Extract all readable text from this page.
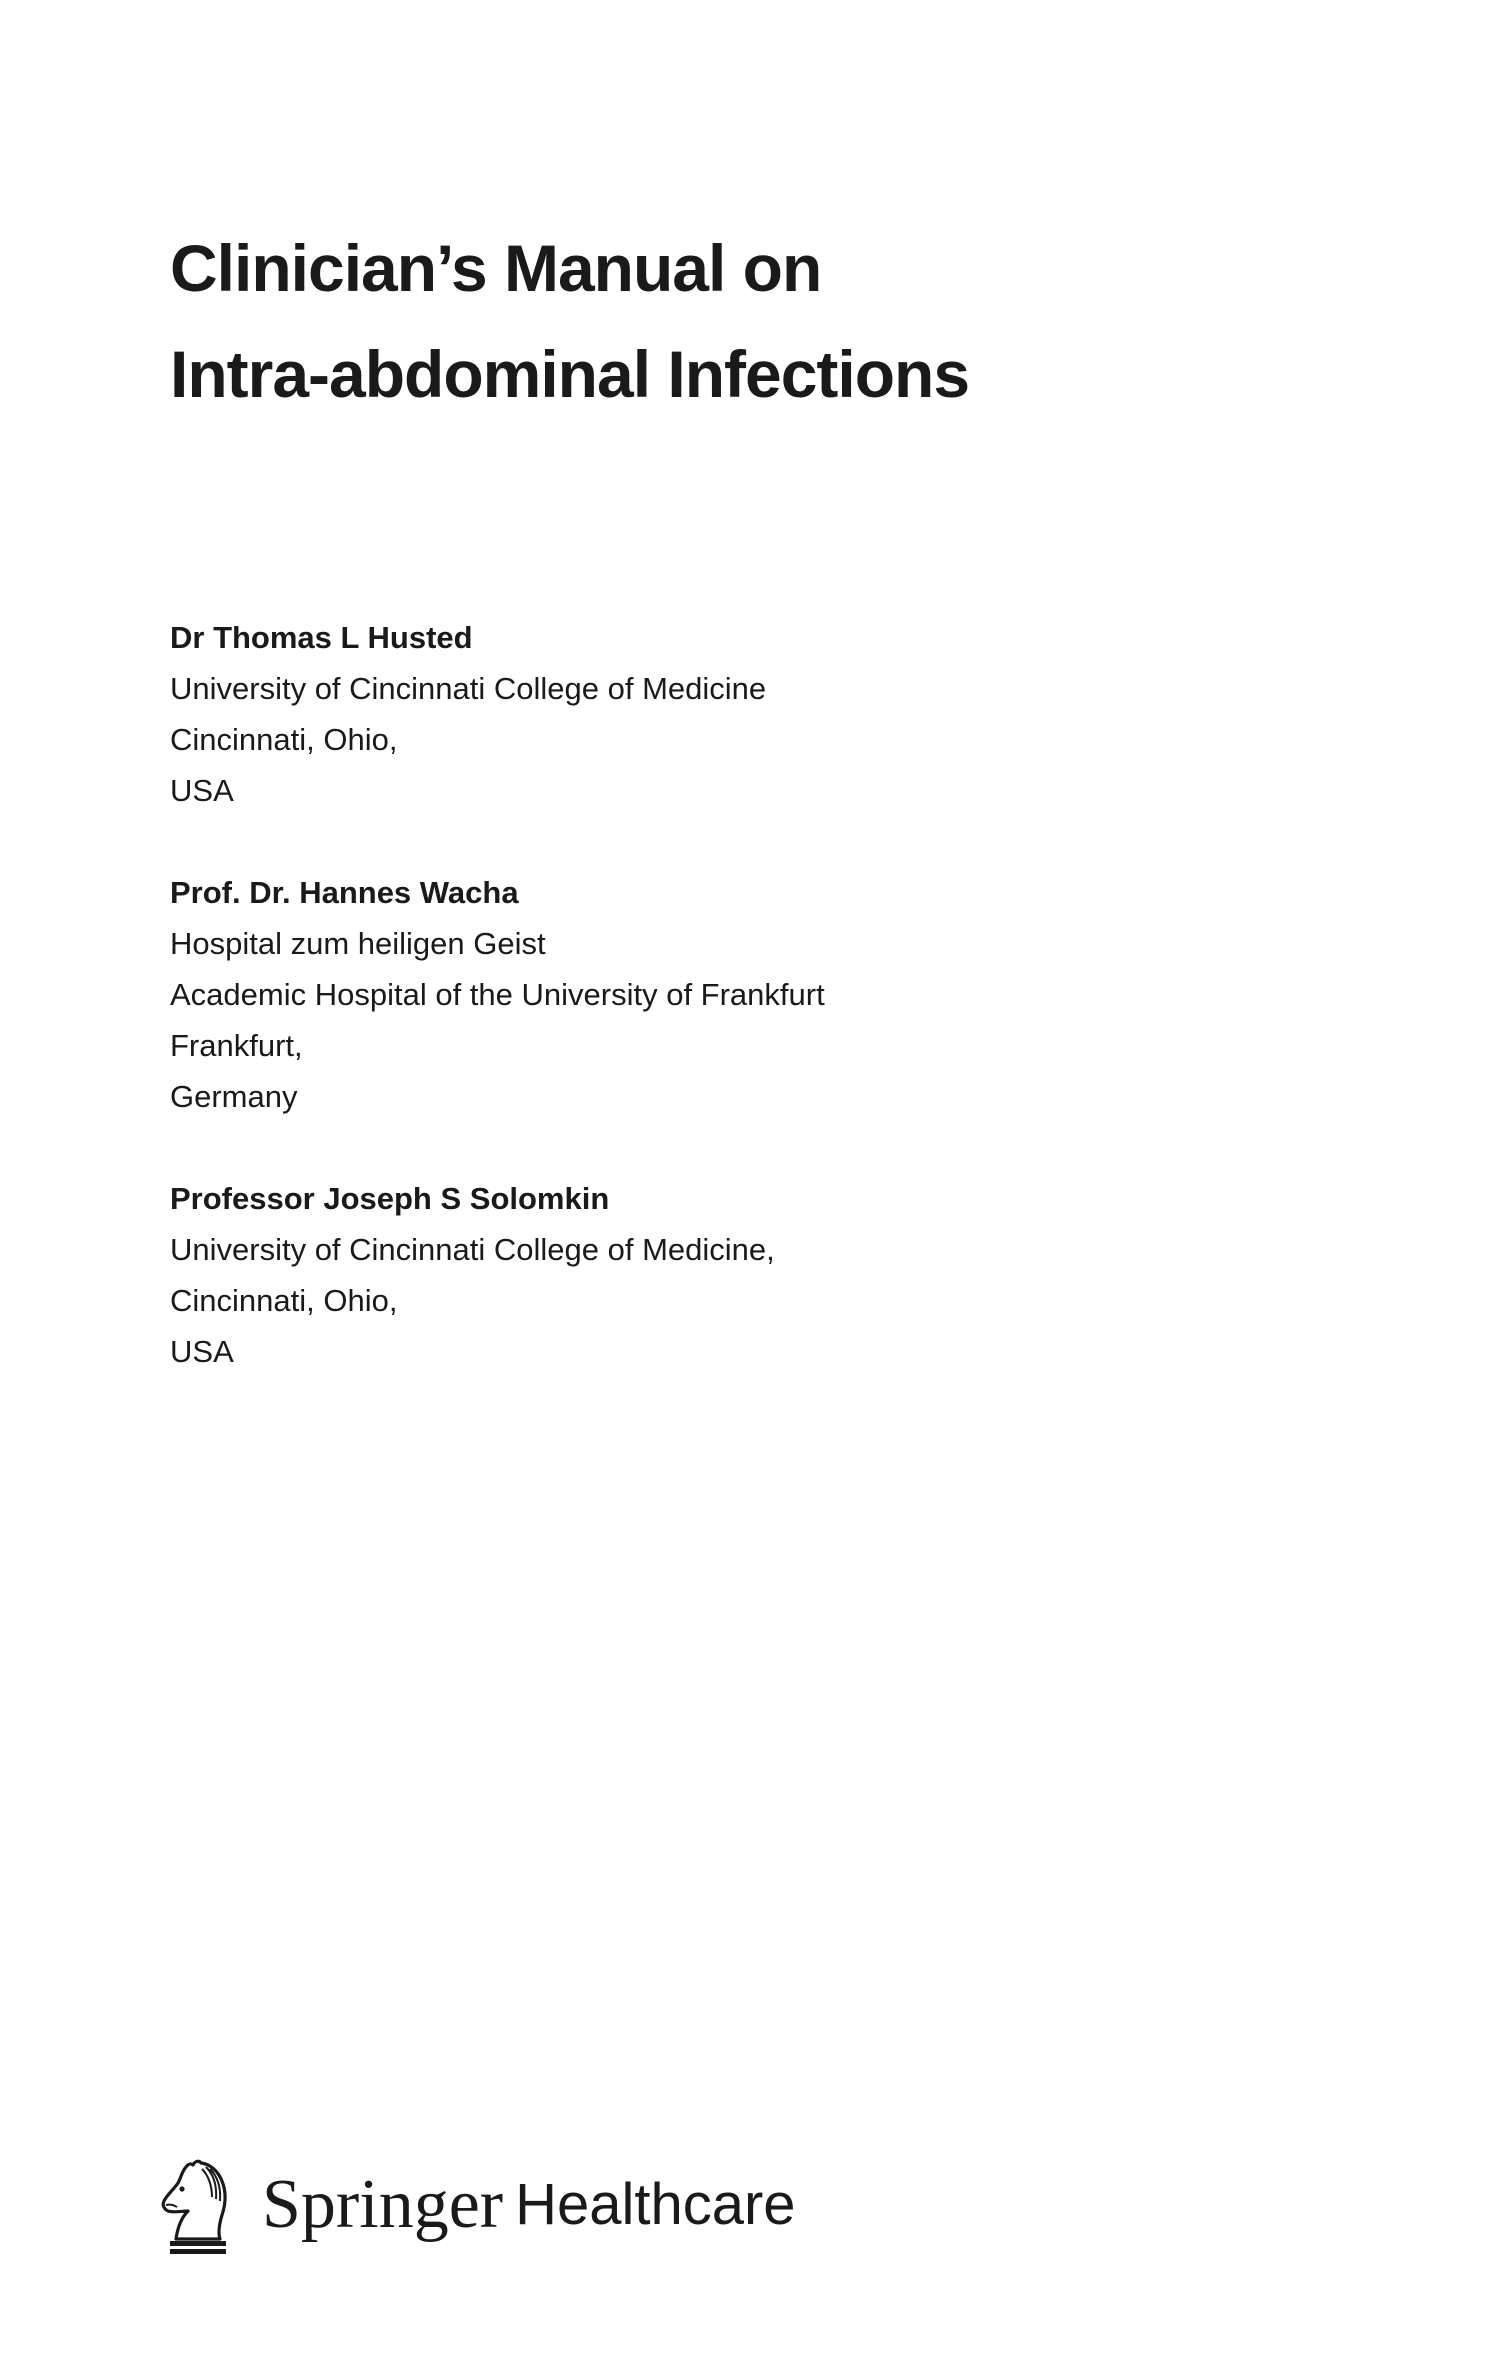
Clinician’s Manual on
Intra-abdominal Infections
Dr Thomas L Husted
University of Cincinnati College of Medicine
Cincinnati, Ohio,
USA
Prof. Dr. Hannes Wacha
Hospital zum heiligen Geist
Academic Hospital of the University of Frankfurt
Frankfurt,
Germany
Professor Joseph S Solomkin
University of Cincinnati College of Medicine,
Cincinnati, Ohio,
USA
Springer Healthcare
